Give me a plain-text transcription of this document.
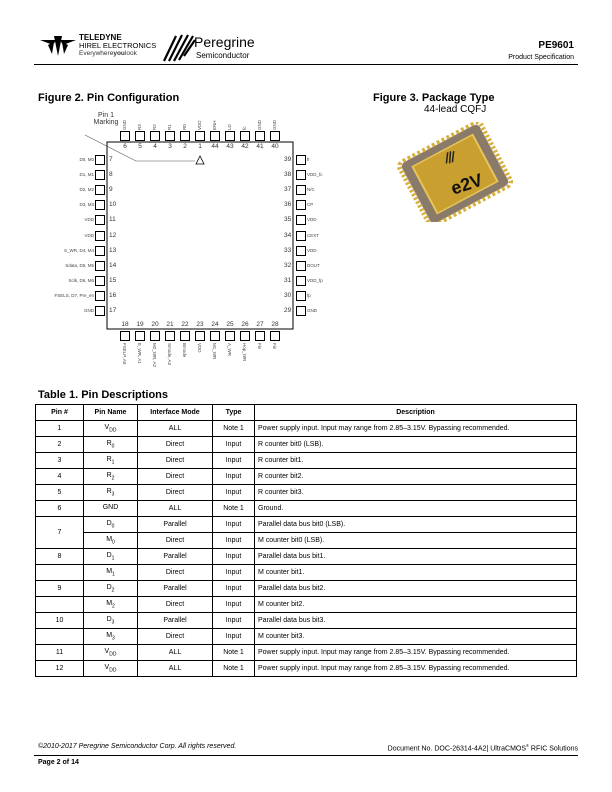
TELEDYNE
HIREL ELECTRONICS
Everywhereyoulook
Peregrine
Semiconductor
PE9601
Product Specification
Figure 2. Pin Configuration
Pin 1
Marking
6
GND
5
R3
4
R2
3
R1
2
R0
1
VDD
44
ENH
43
LD
42
fc
41
GND
40
GND
18
FSELP, A0
19
E_WR, A1
20
M2_WR, A2
21
Smode, A3
22
Bmode
23
VDD
24
M1_WR
25
A_WR
26
Hop_WR
27
Fin
28
Fin
7
D0, M0
8
D1, M1
9
D2, M2
10
D3, M3
11
VDD
12
VDD
13
S_WR, D4, M4
14
Sdata, D5, M5
15
Sclk, D6, M6
16
FSELS, D7, Pre_en
17
GND
39	fr
38	VDD_fc
37	N/C
36	CP
35	VDD
34	CEXT
33	VDD
32	DOUT
31	VDD_fp
30	fp
29	GND
Figure 3. Package Type
44-lead CQFJ
e2V
Table 1. Pin Descriptions
Pin #	Pin Name	Interface Mode	Type	Description
1	$V_{DD}$	ALL	Note 1	Power supply input. Input may range from 2.85–3.15V. Bypassing recommended.
2	$R_0$	Direct	Input	R counter bit0 (LSB).
3	$R_1$	Direct	Input	R counter bit1.
4	$R_2$	Direct	Input	R counter bit2.
5	$R_3$	Direct	Input	R counter bit3.
6	GND	ALL	Note 1	Ground.
7	$D_0$	Parallel	Input	Parallel data bus bit0 (LSB).
	$M_0$	Direct	Input	M counter bit0 (LSB).
8	$D_1$	Parallel	Input	Parallel data bus bit1.
	$M_1$	Direct	Input	M counter bit1.
9	$D_2$	Parallel	Input	Parallel data bus bit2.
	$M_2$	Direct	Input	M counter bit2.
10	$D_3$	Parallel	Input	Parallel data bus bit3.
	$M_3$	Direct	Input	M counter bit3.
11	$V_{DD}$	ALL	Note 1	Power supply input. Input may range from 2.85–3.15V. Bypassing recommended.
12	$V_{DD}$	ALL	Note 1	Power supply input. Input may range from 2.85–3.15V. Bypassing recommended.
©2010-2017 Peregrine Semiconductor Corp. All rights reserved.	Document No. DOC-26314-4A2| UltraCMOS® RFIC Solutions
Page 2 of 14
